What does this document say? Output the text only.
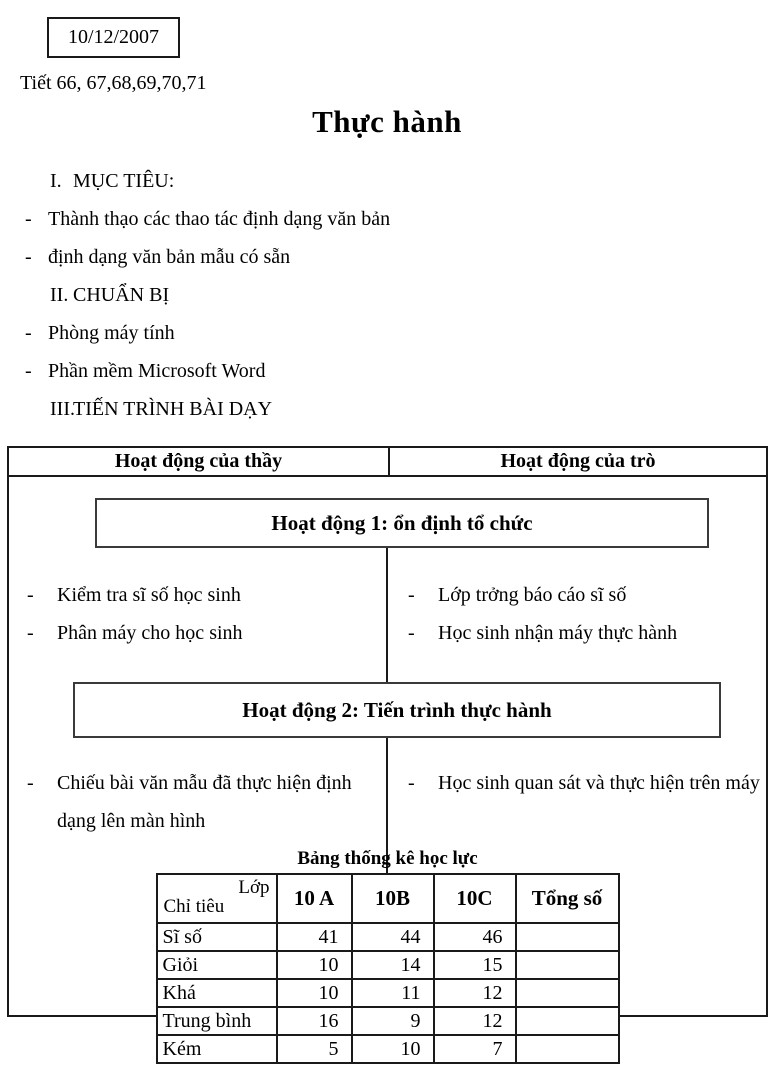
10/12/2007
Tiết 66, 67,68,69,70,71
Thực hành
I. MỤC TIÊU:
- Thành thạo các thao tác định dạng văn bản
- định dạng văn bản mẫu có sẵn
II. CHUẨN BỊ
- Phòng máy tính
- Phần mềm Microsoft Word
III.
TIẾN TRÌNH BÀI DẠY
Hoạt động của thầy	Hoạt động của trò
Hoạt động 1: ổn định tổ chức
-	Kiểm tra sĩ số học sinh
-	Phân máy cho học sinh
-	Lớp trởng báo cáo sĩ số
-	Học sinh nhận máy thực hành
Hoạt động 2: Tiến trình thực hành
-	Chiếu bài văn mẫu đã thực hiện định dạng lên màn hình
-	Học sinh quan sát và thực hiện trên máy
Bảng thống kê học lực
Lớp
Chỉ tiêu	10 A	10B	10C	Tổng số
Sĩ số	41	44	46	
Giỏi	10	14	15	
Khá	10	11	12	
Trung bình	16	9	12	
Kém	5	10	7	
